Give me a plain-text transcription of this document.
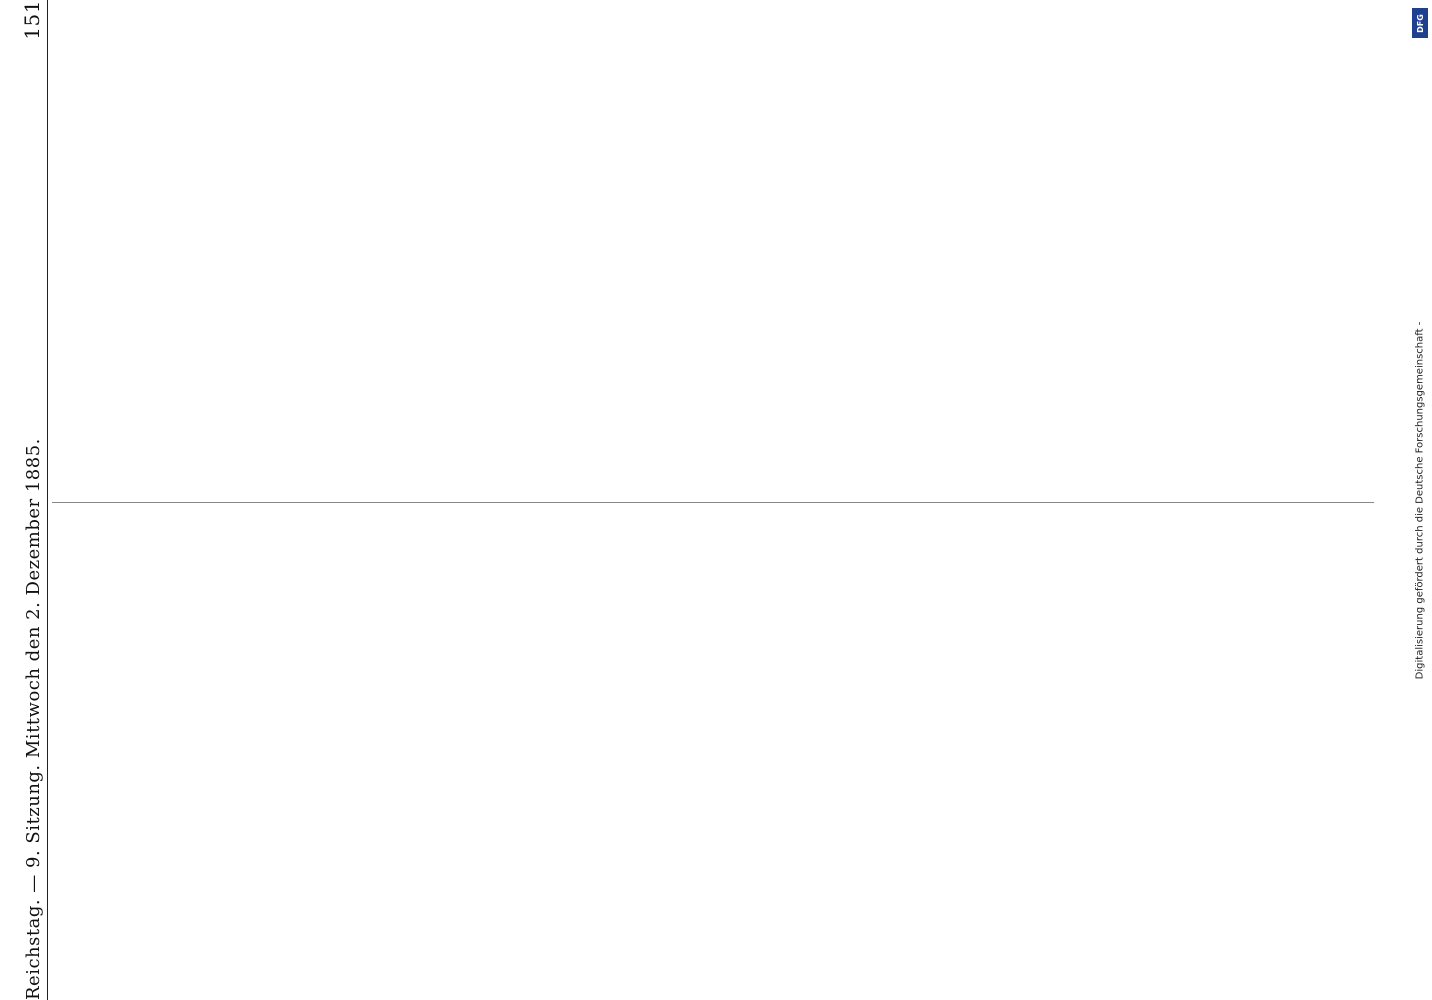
Reichstag. — 9. Sitzung. Mittwoch den 2. Dezember 1885.
151
Digitalisierung gefördert durch die Deutsche Forschungsgemeinschaft -
DFG
